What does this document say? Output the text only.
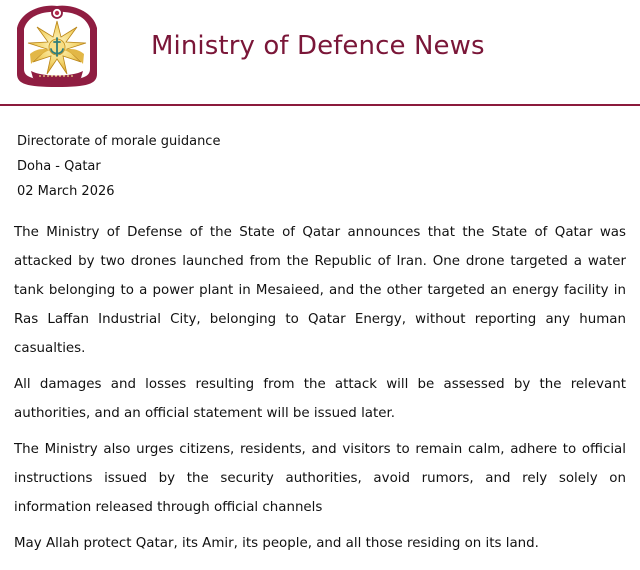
Ministry of Defence News
Directorate of morale guidance
Doha - Qatar
02 March 2026

The Ministry of Defense of the State of Qatar announces that the State of Qatar was attacked by two drones launched from the Republic of Iran. One drone targeted a water tank belonging to a power plant in Mesaieed, and the other targeted an energy facility in Ras Laffan Industrial City, belonging to Qatar Energy, without reporting any human casualties.

All damages and losses resulting from the attack will be assessed by the relevant authorities, and an official statement will be issued later.

The Ministry also urges citizens, residents, and visitors to remain calm, adhere to official instructions issued by the security authorities, avoid rumors, and rely solely on information released through official channels

May Allah protect Qatar, its Amir, its people, and all those residing on its land.
